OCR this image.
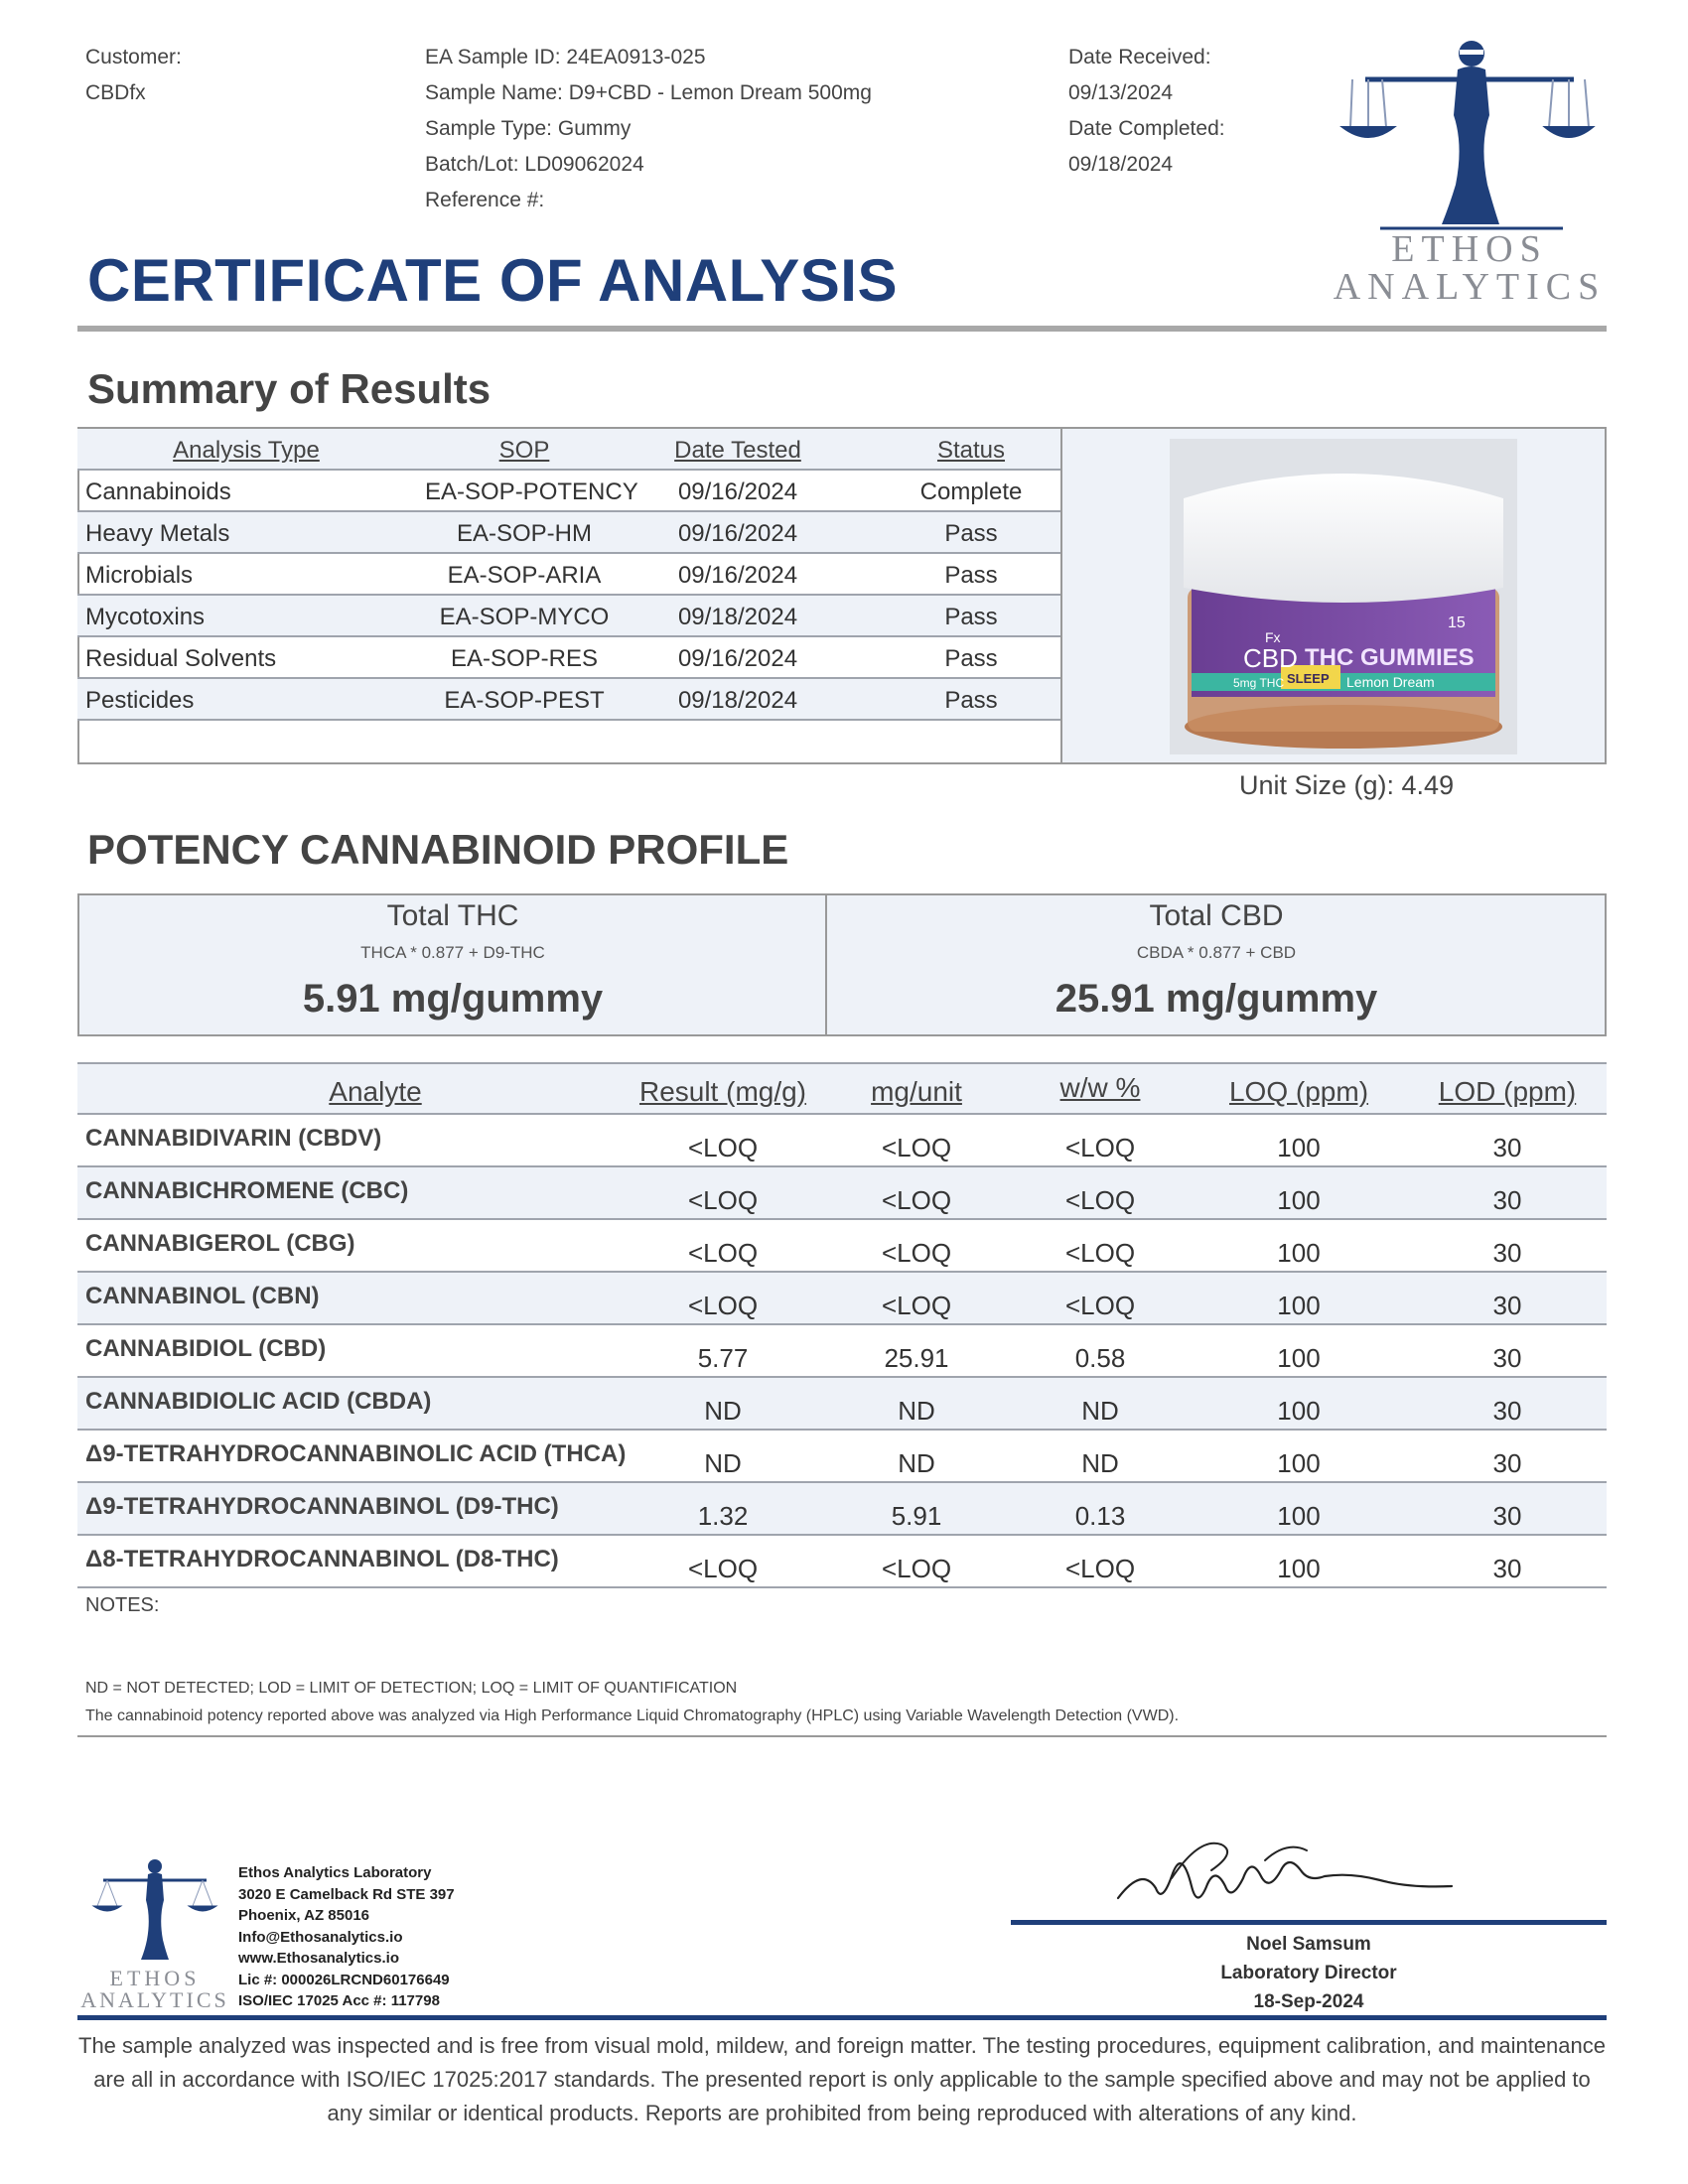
Customer:
CBDfx
EA Sample ID: 24EA0913-025
Sample Name: D9+CBD - Lemon Dream 500mg
Sample Type: Gummy
Batch/Lot: LD09062024
Reference #:
Date Received:
09/13/2024
Date Completed:
09/18/2024
ETHOS
ANALYTICS
CERTIFICATE OF ANALYSIS
Summary of Results
Analysis Type	SOP	Date Tested	Status
Cannabinoids	EA-SOP-POTENCY	09/16/2024	Complete
Heavy Metals	EA-SOP-HM	09/16/2024	Pass
Microbials	EA-SOP-ARIA	09/16/2024	Pass
Mycotoxins	EA-SOP-MYCO	09/18/2024	Pass
Residual Solvents	EA-SOP-RES	09/16/2024	Pass
Pesticides	EA-SOP-PEST	09/18/2024	Pass
CBD
Fx
THC GUMMIES
15
5mg THC SLEEP Lemon Dream
Unit Size (g): 4.49
POTENCY CANNABINOID PROFILE
Total THC
THCA * 0.877 + D9-THC
5.91 mg/gummy
Total CBD
CBDA * 0.877 + CBD
25.91 mg/gummy
Analyte	Result (mg/g)	mg/unit	w/w %	LOQ (ppm)	LOD (ppm)
CANNABIDIVARIN (CBDV)	<LOQ	<LOQ	<LOQ	100	30
CANNABICHROMENE (CBC)	<LOQ	<LOQ	<LOQ	100	30
CANNABIGEROL (CBG)	<LOQ	<LOQ	<LOQ	100	30
CANNABINOL (CBN)	<LOQ	<LOQ	<LOQ	100	30
CANNABIDIOL (CBD)	5.77	25.91	0.58	100	30
CANNABIDIOLIC ACID (CBDA)	ND	ND	ND	100	30
Δ9-TETRAHYDROCANNABINOLIC ACID (THCA)	ND	ND	ND	100	30
Δ9-TETRAHYDROCANNABINOL (D9-THC)	1.32	5.91	0.13	100	30
Δ8-TETRAHYDROCANNABINOL (D8-THC)	<LOQ	<LOQ	<LOQ	100	30
NOTES:
ND = NOT DETECTED; LOD = LIMIT OF DETECTION; LOQ = LIMIT OF QUANTIFICATION
The cannabinoid potency reported above was analyzed via High Performance Liquid Chromatography (HPLC) using Variable Wavelength Detection (VWD).
ETHOS
ANALYTICS
Ethos Analytics Laboratory
3020 E Camelback Rd STE 397
Phoenix, AZ 85016
Info@Ethosanalytics.io
www.Ethosanalytics.io
Lic #: 000026LRCND60176649
ISO/IEC 17025 Acc #: 117798
Noel Samsum
Laboratory Director
18-Sep-2024
The sample analyzed was inspected and is free from visual mold, mildew, and foreign matter. The testing procedures, equipment calibration, and maintenance are all in accordance with ISO/IEC 17025:2017 standards. The presented report is only applicable to the sample specified above and may not be applied to any similar or identical products. Reports are prohibited from being reproduced with alterations of any kind.
